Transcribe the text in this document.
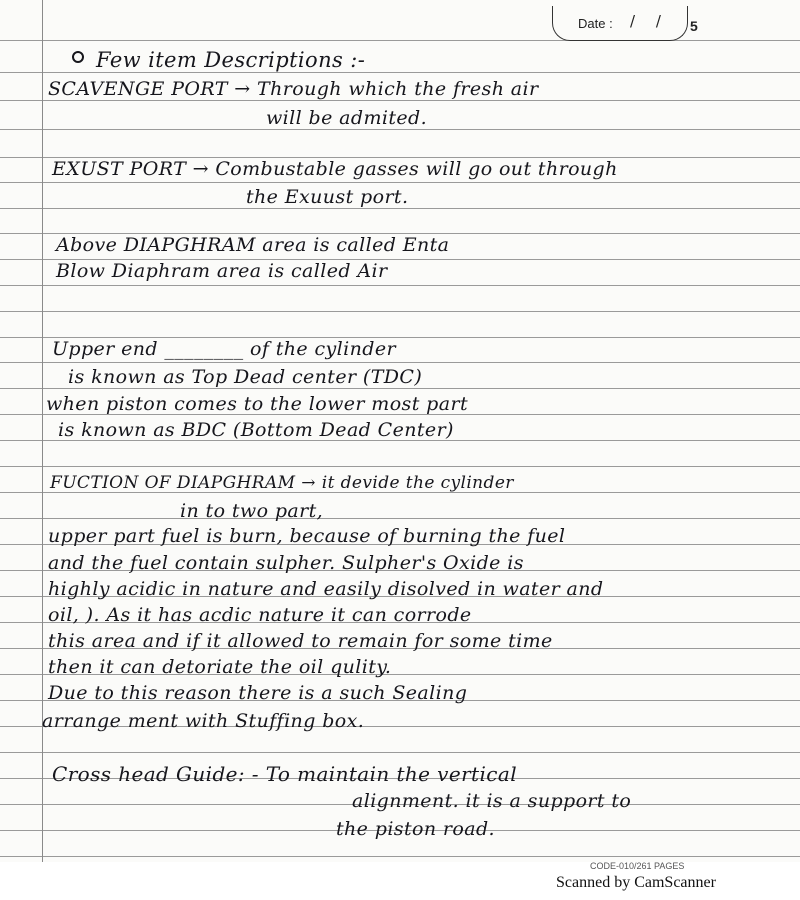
Date : / / 5
Few item Descriptions :-
SCAVENGE PORT → Through which the fresh air
will be admited.
EXUST PORT → Combustable gasses will go out through
the Exuust port.
Above DIAPGHRAM area is called Enta
Blow Diaphram area is called Air
Upper end ________ of the cylinder
is known as Top Dead center (TDC)
when piston comes to the lower most part
is known as BDC (Bottom Dead Center)
FUCTION OF DIAPGHRAM → it devide the cylinder
in to two part,
upper part fuel is burn, because of burning the fuel
and the fuel contain sulpher. Sulpher's Oxide is
highly acidic in nature and easily disolved in water and
oil, ). As it has acdic nature it can corrode
this area and if it allowed to remain for some time
then it can detoriate the oil qulity.
Due to this reason there is a such Sealing
arrange ment with Stuffing box.
Cross head Guide: - To maintain the vertical
alignment. it is a support to
the piston road.
CODE-010/261 PAGES
Scanned by CamScanner
